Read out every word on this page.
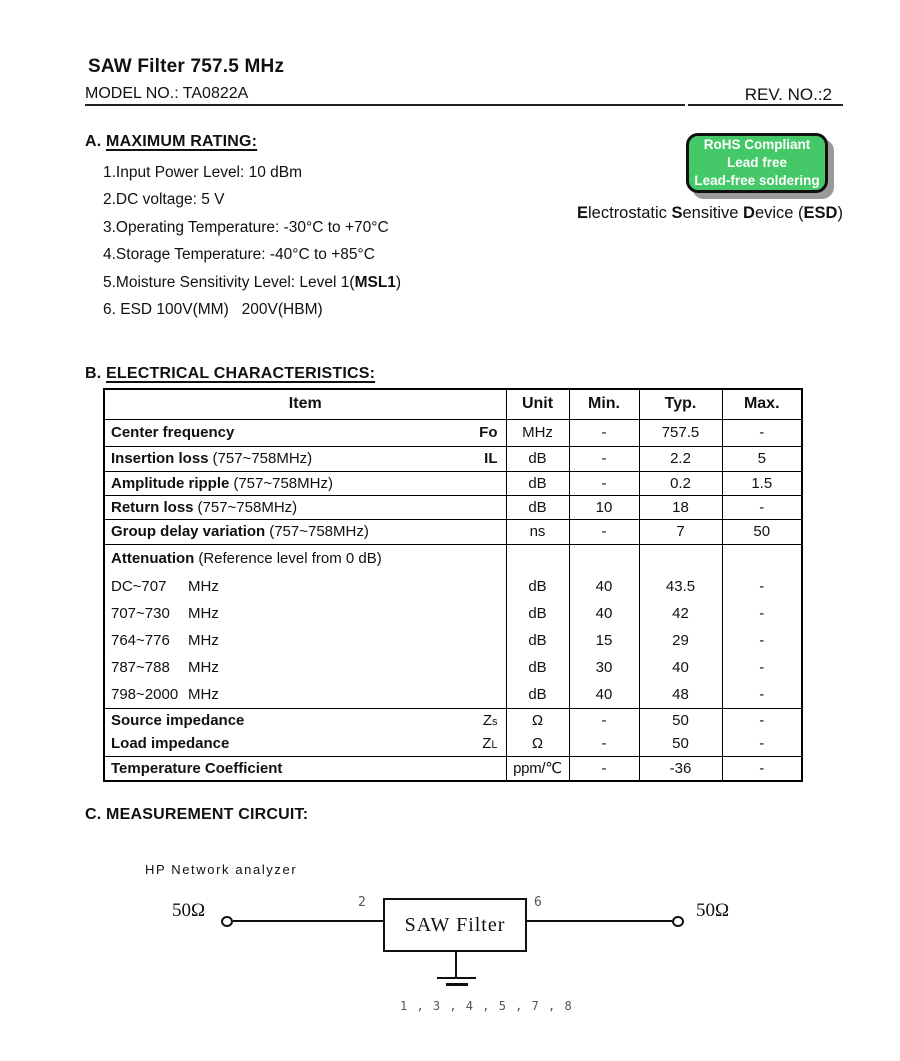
SAW Filter 757.5 MHz
MODEL NO.: TA0822A	REV. NO.:2
A. MAXIMUM RATING:
1.Input Power Level: 10 dBm
2.DC voltage: 5 V
3.Operating Temperature: -30°C to +70°C
4.Storage Temperature: -40°C to +85°C
5.Moisture Sensitivity Level: Level 1(MSL1)
6. ESD 100V(MM)   200V(HBM)
RoHS Compliant
Lead free
Lead-free soldering
Electrostatic Sensitive Device (ESD)
B. ELECTRICAL CHARACTERISTICS:
Item	Unit	Min.	Typ.	Max.

Center frequency Fo	MHz	-	757.5	-

Insertion loss (757~758MHz) IL	dB	-	2.2	5

Amplitude ripple (757~758MHz)	dB	-	0.2	1.5

Return loss (757~758MHz)	dB	10	18	-

Group delay variation (757~758MHz)	ns	-	7	50
Attenuation (Reference level from 0 dB)				
DC~707 MHz	dB	40	43.5	-
707~730 MHz	dB	40	42	-
764~776 MHz	dB	15	29	-
787~788 MHz	dB	30	40	-
798~2000 MHz	dB	40	48	-

Source impedance Zs	Ω	-	50	-

Load impedance ZL	Ω	-	50	-
Temperature Coefficient	ppm/℃	-	-36	-
C. MEASUREMENT CIRCUIT:
HP Network analyzer
50Ω	2
SAW Filter
6	50Ω
1 , 3 , 4 , 5 , 7 , 8
